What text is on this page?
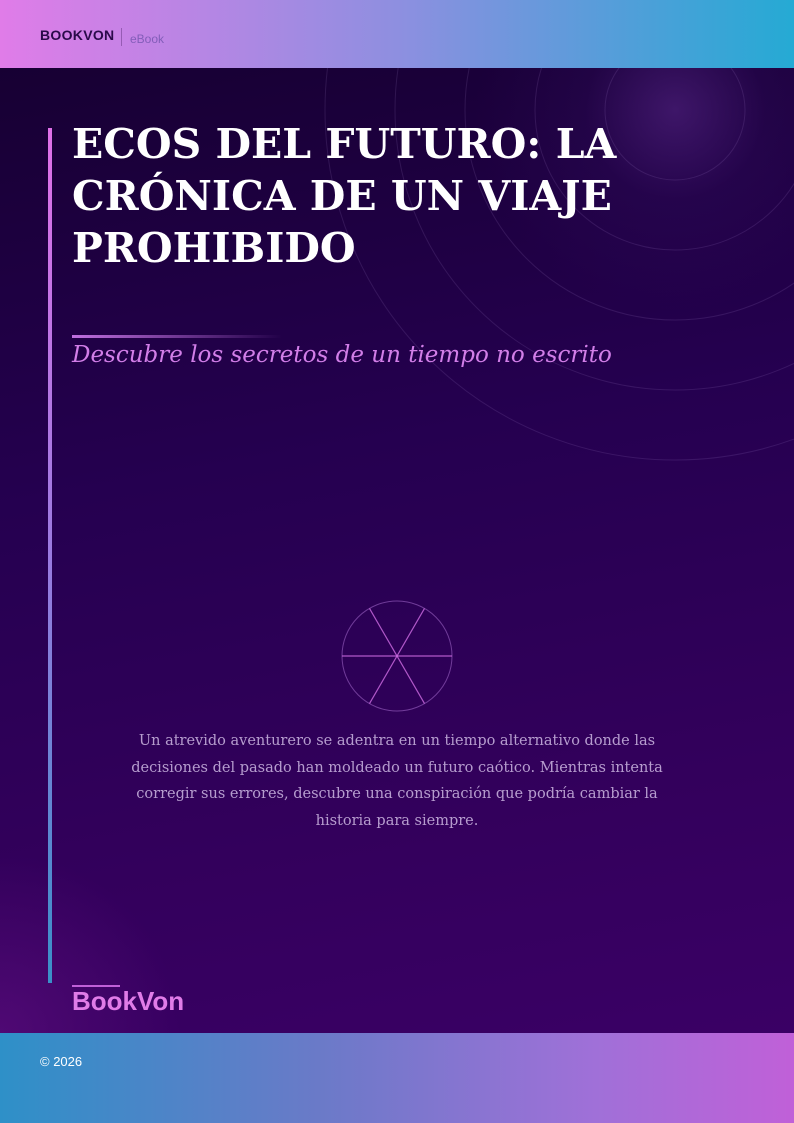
BOOKVON eBook
ECOS DEL FUTURO: LA CRÓNICA DE UN VIAJE PROHIBIDO
Descubre los secretos de un tiempo no escrito

Un atrevido aventurero se adentra en un tiempo alternativo donde las decisiones del pasado han moldeado un futuro caótico. Mientras intenta corregir sus errores, descubre una conspiración que podría cambiar la historia para siempre.

BookVon
© 2026
